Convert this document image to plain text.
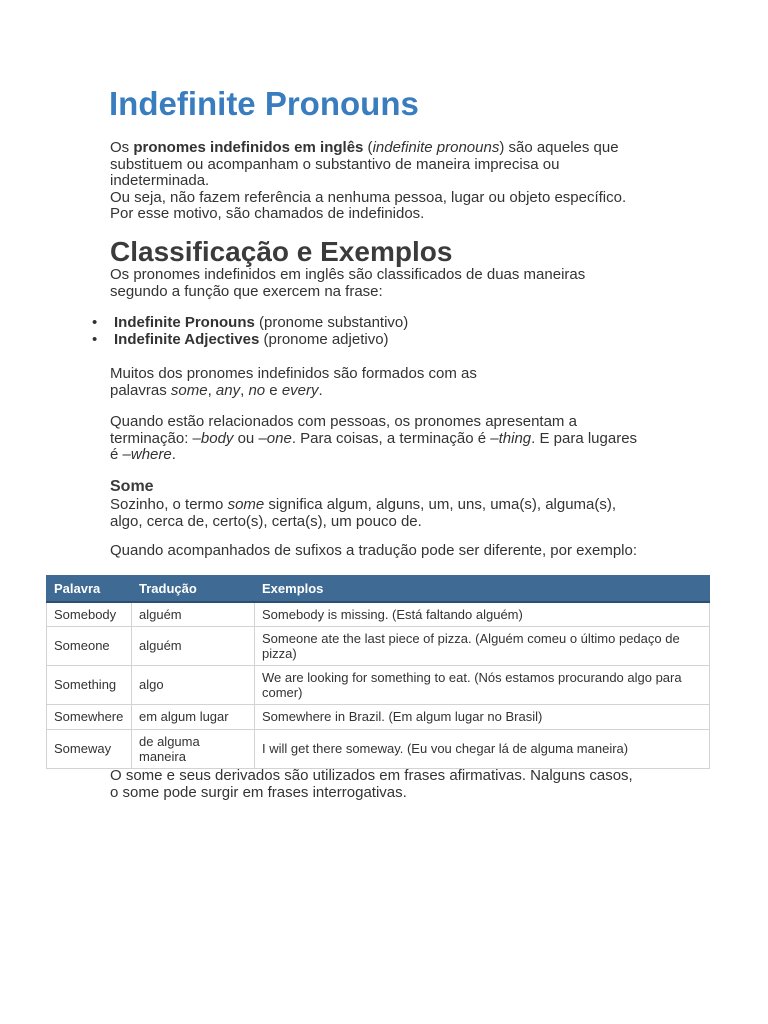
Indefinite Pronouns
Os pronomes indefinidos em inglês (indefinite pronouns) são aqueles que
substituem ou acompanham o substantivo de maneira imprecisa ou
indeterminada.
Ou seja, não fazem referência a nenhuma pessoa, lugar ou objeto específico.
Por esse motivo, são chamados de indefinidos.
Classificação e Exemplos
Os pronomes indefinidos em inglês são classificados de duas maneiras
segundo a função que exercem na frase:
• Indefinite Pronouns (pronome substantivo)
• Indefinite Adjectives (pronome adjetivo)
Muitos dos pronomes indefinidos são formados com as
palavras some, any, no e every.
Quando estão relacionados com pessoas, os pronomes apresentam a
terminação: –body ou –one. Para coisas, a terminação é –thing. E para lugares
é –where.
Some
Sozinho, o termo some significa algum, alguns, um, uns, uma(s), alguma(s),
algo, cerca de, certo(s), certa(s), um pouco de.
Quando acompanhados de sufixos a tradução pode ser diferente, por exemplo:
Palavra	Tradução	Exemplos
Somebody	alguém	Somebody is missing. (Está faltando alguém)
Someone	alguém	Someone ate the last piece of pizza. (Alguém comeu o último pedaço de pizza)
Something	algo	We are looking for something to eat. (Nós estamos procurando algo para comer)
Somewhere	em algum lugar	Somewhere in Brazil. (Em algum lugar no Brasil)
Someway	de alguma maneira	I will get there someway. (Eu vou chegar lá de alguma maneira)
O some e seus derivados são utilizados em frases afirmativas. Nalguns casos,
o some pode surgir em frases interrogativas.
